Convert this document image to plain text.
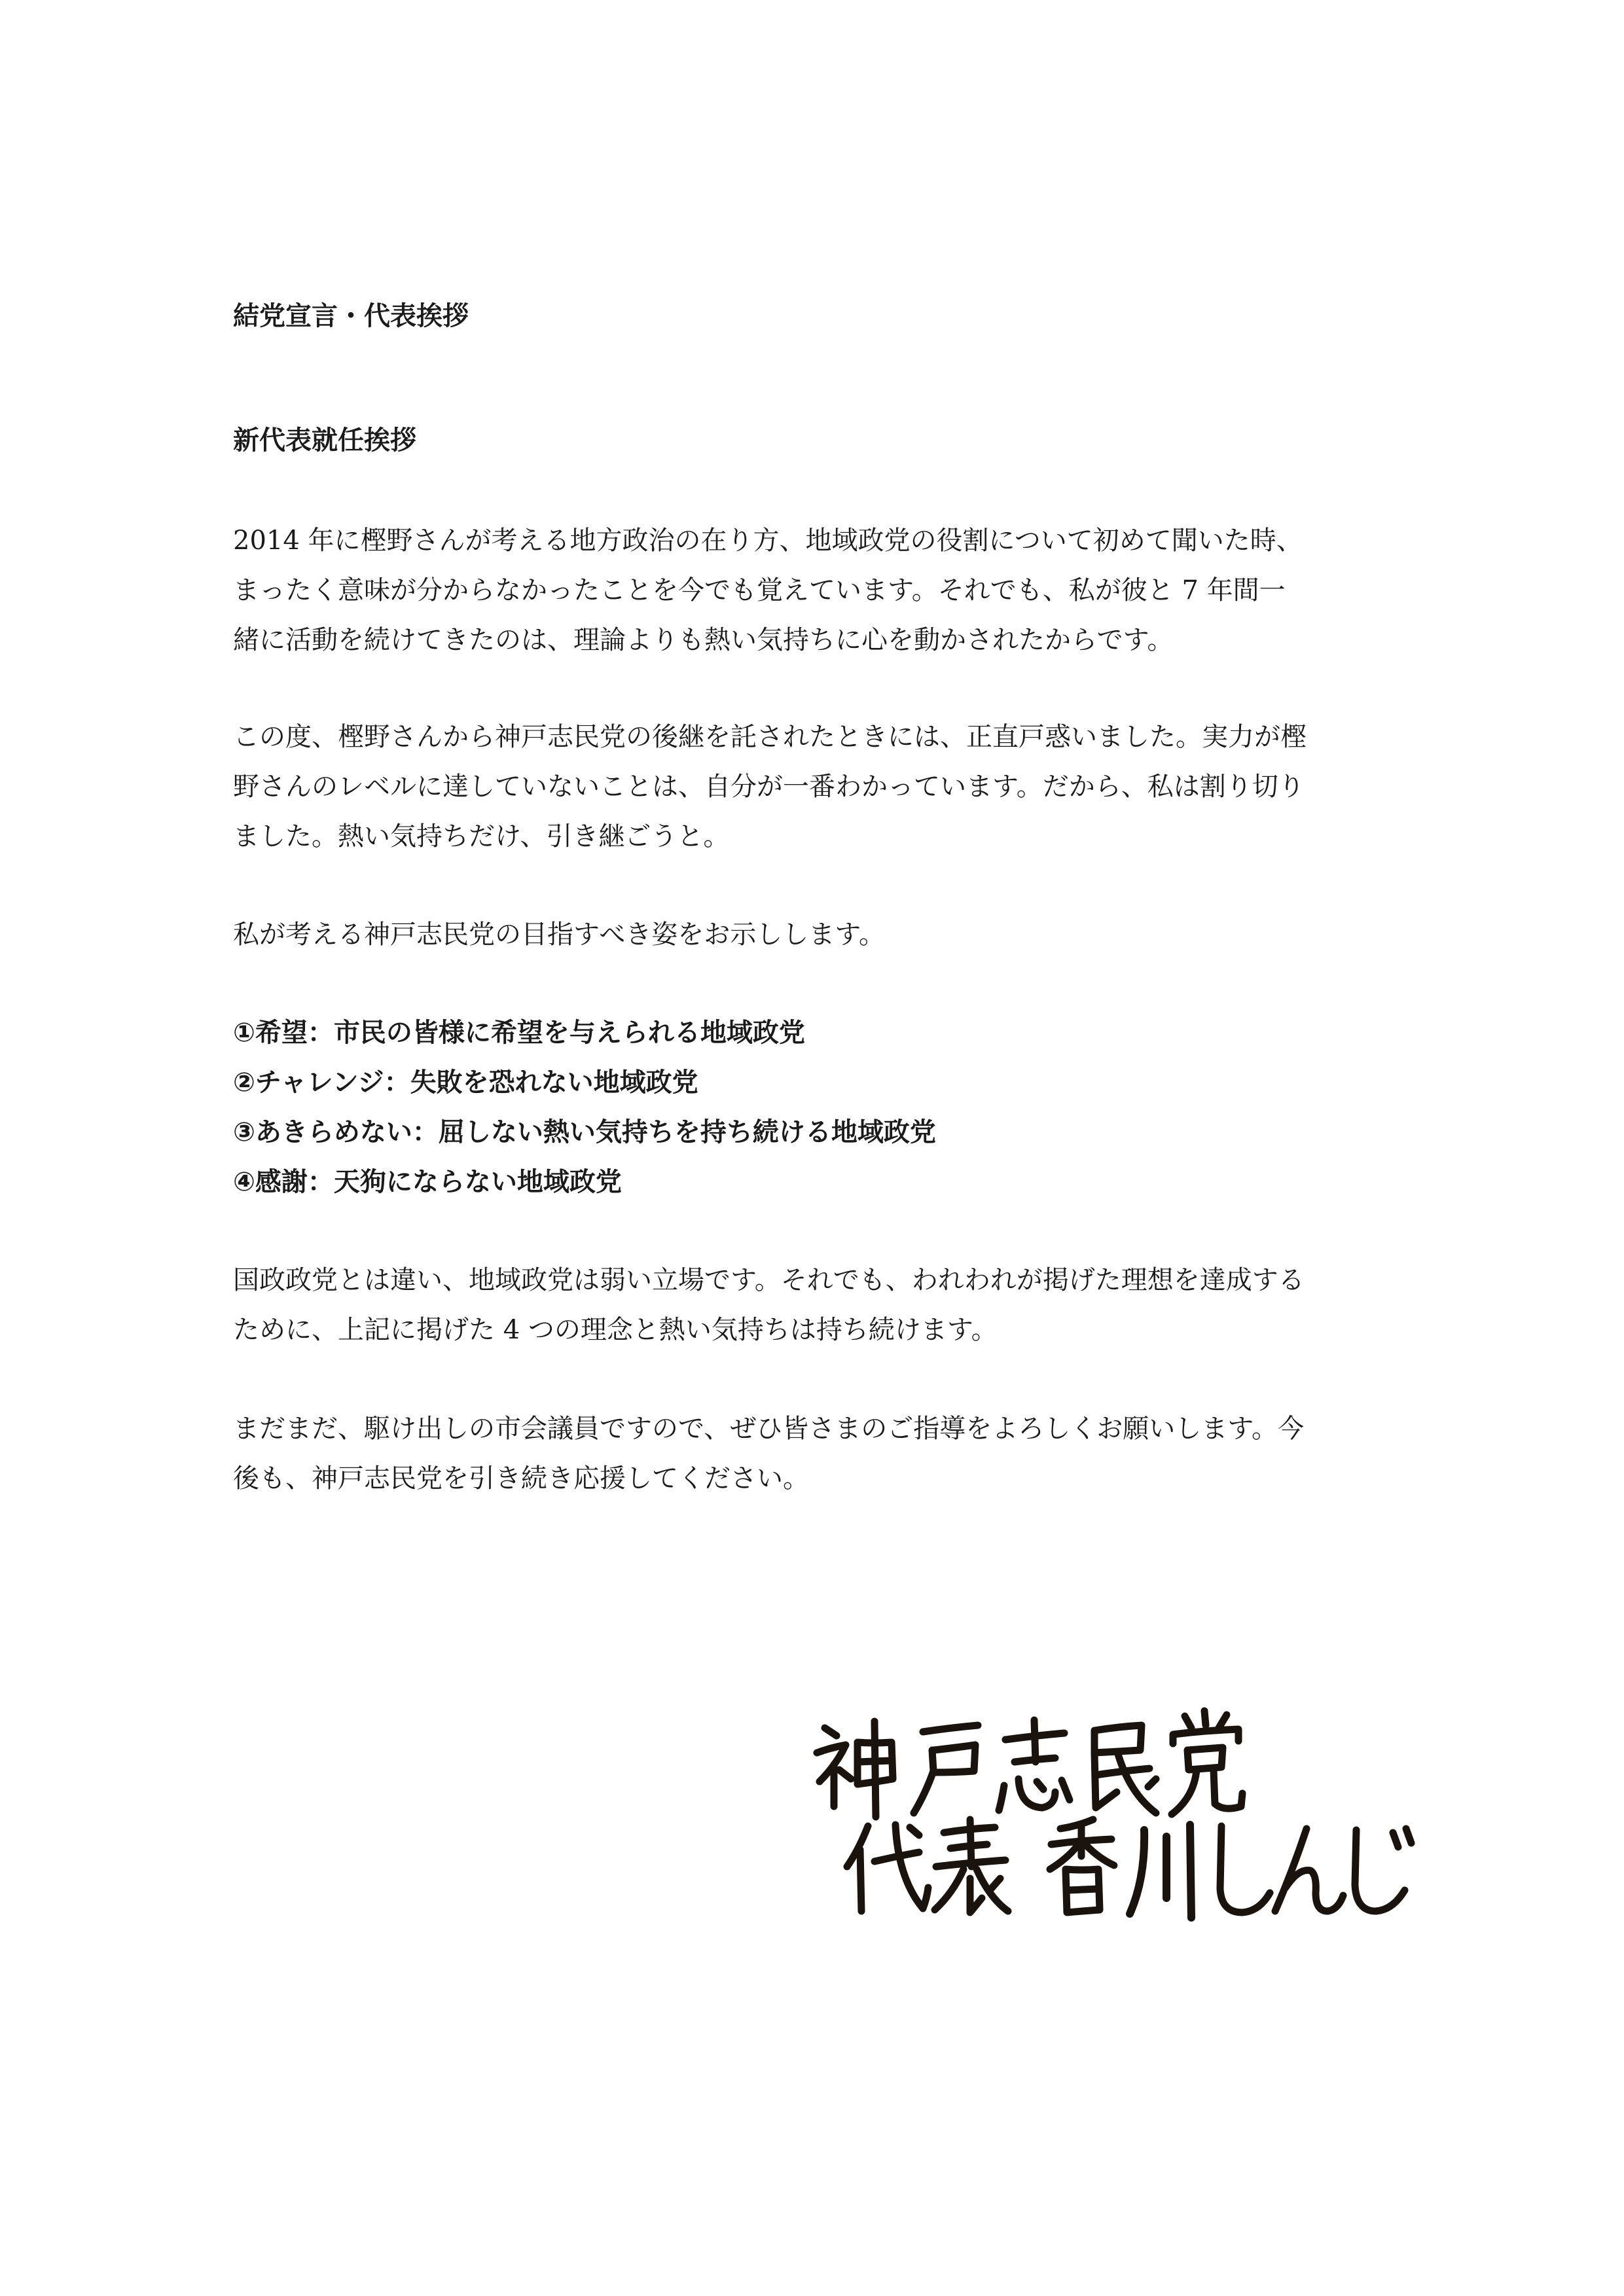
結党宣言・代表挨拶
新代表就任挨拶

2014 年に樫野さんが考える地方政治の在り方、地域政党の役割について初めて聞いた時、
まったく意味が分からなかったことを今でも覚えています。それでも、私が彼と 7 年間一
緒に活動を続けてきたのは、理論よりも熱い気持ちに心を動かされたからです。

この度、樫野さんから神戸志民党の後継を託されたときには、正直戸惑いました。実力が樫
野さんのレベルに達していないことは、自分が一番わかっています。だから、私は割り切り
ました。熱い気持ちだけ、引き継ごうと。

私が考える神戸志民党の目指すべき姿をお示しします。

①希望：市民の皆様に希望を与えられる地域政党
②チャレンジ：失敗を恐れない地域政党
③あきらめない：屈しない熱い気持ちを持ち続ける地域政党
④感謝：天狗にならない地域政党

国政政党とは違い、地域政党は弱い立場です。それでも、われわれが掲げた理想を達成する
ために、上記に掲げた 4 つの理念と熱い気持ちは持ち続けます。

まだまだ、駆け出しの市会議員ですので、ぜひ皆さまのご指導をよろしくお願いします。今
後も、神戸志民党を引き続き応援してください。
